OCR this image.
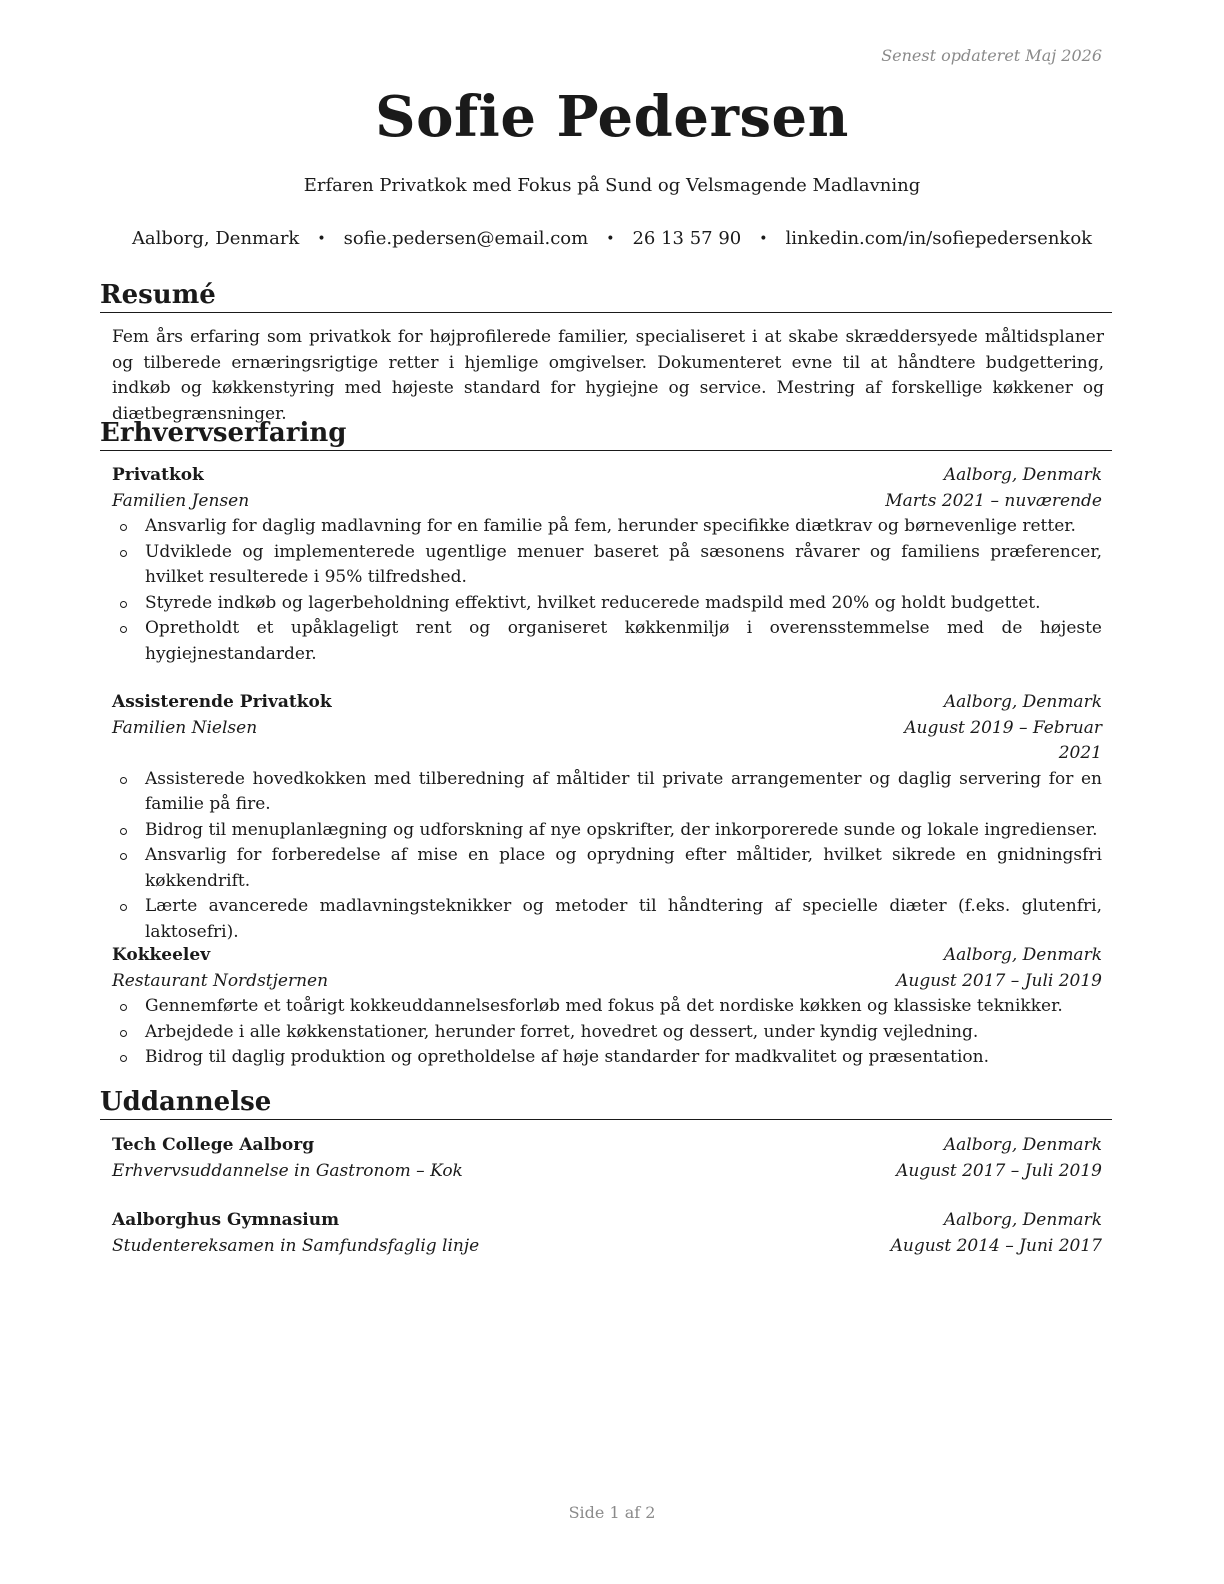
Senest opdateret Maj 2026
Sofie Pedersen
Erfaren Privatkok med Fokus på Sund og Velsmagende Madlavning
Aalborg, Denmark • sofie.pedersen@email.com • 26 13 57 90 • linkedin.com/in/sofiepedersenkok
Resumé
Fem års erfaring som privatkok for højprofilerede familier, specialiseret i at skabe skræddersyede måltidsplaner og tilberede ernæringsrigtige retter i hjemlige omgivelser. Dokumenteret evne til at håndtere budgettering, indkøb og køkkenstyring med højeste standard for hygiejne og service. Mestring af forskellige køkkener og diætbegrænsninger.
Erhvervserfaring
Privatkok	Aalborg, Denmark
Familien Jensen	Marts 2021 – nuværende
Ansvarlig for daglig madlavning for en familie på fem, herunder specifikke diætkrav og børnevenlige retter.
Udviklede og implementerede ugentlige menuer baseret på sæsonens råvarer og familiens præferencer, hvilket resulterede i 95% tilfredshed.
Styrede indkøb og lagerbeholdning effektivt, hvilket reducerede madspild med 20% og holdt budgettet.
Opretholdt et upåklageligt rent og organiseret køkkenmiljø i overensstemmelse med de højeste hygiejnestandarder.
Assisterende Privatkok	Aalborg, Denmark
Familien Nielsen	August 2019 – Februar 2021
Assisterede hovedkokken med tilberedning af måltider til private arrangementer og daglig servering for en familie på fire.
Bidrog til menuplanlægning og udforskning af nye opskrifter, der inkorporerede sunde og lokale ingredienser.
Ansvarlig for forberedelse af mise en place og oprydning efter måltider, hvilket sikrede en gnidningsfri køkkendrift.
Lærte avancerede madlavningsteknikker og metoder til håndtering af specielle diæter (f.eks. glutenfri, laktosefri).
Kokkeelev	Aalborg, Denmark
Restaurant Nordstjernen	August 2017 – Juli 2019
Gennemførte et toårigt kokkeuddannelsesforløb med fokus på det nordiske køkken og klassiske teknikker.
Arbejdede i alle køkkenstationer, herunder forret, hovedret og dessert, under kyndig vejledning.
Bidrog til daglig produktion og opretholdelse af høje standarder for madkvalitet og præsentation.
Uddannelse
Tech College Aalborg	Aalborg, Denmark
Erhvervsuddannelse in Gastronom – Kok	August 2017 – Juli 2019
Aalborghus Gymnasium	Aalborg, Denmark
Studentereksamen in Samfundsfaglig linje	August 2014 – Juni 2017
Side 1 af 2
